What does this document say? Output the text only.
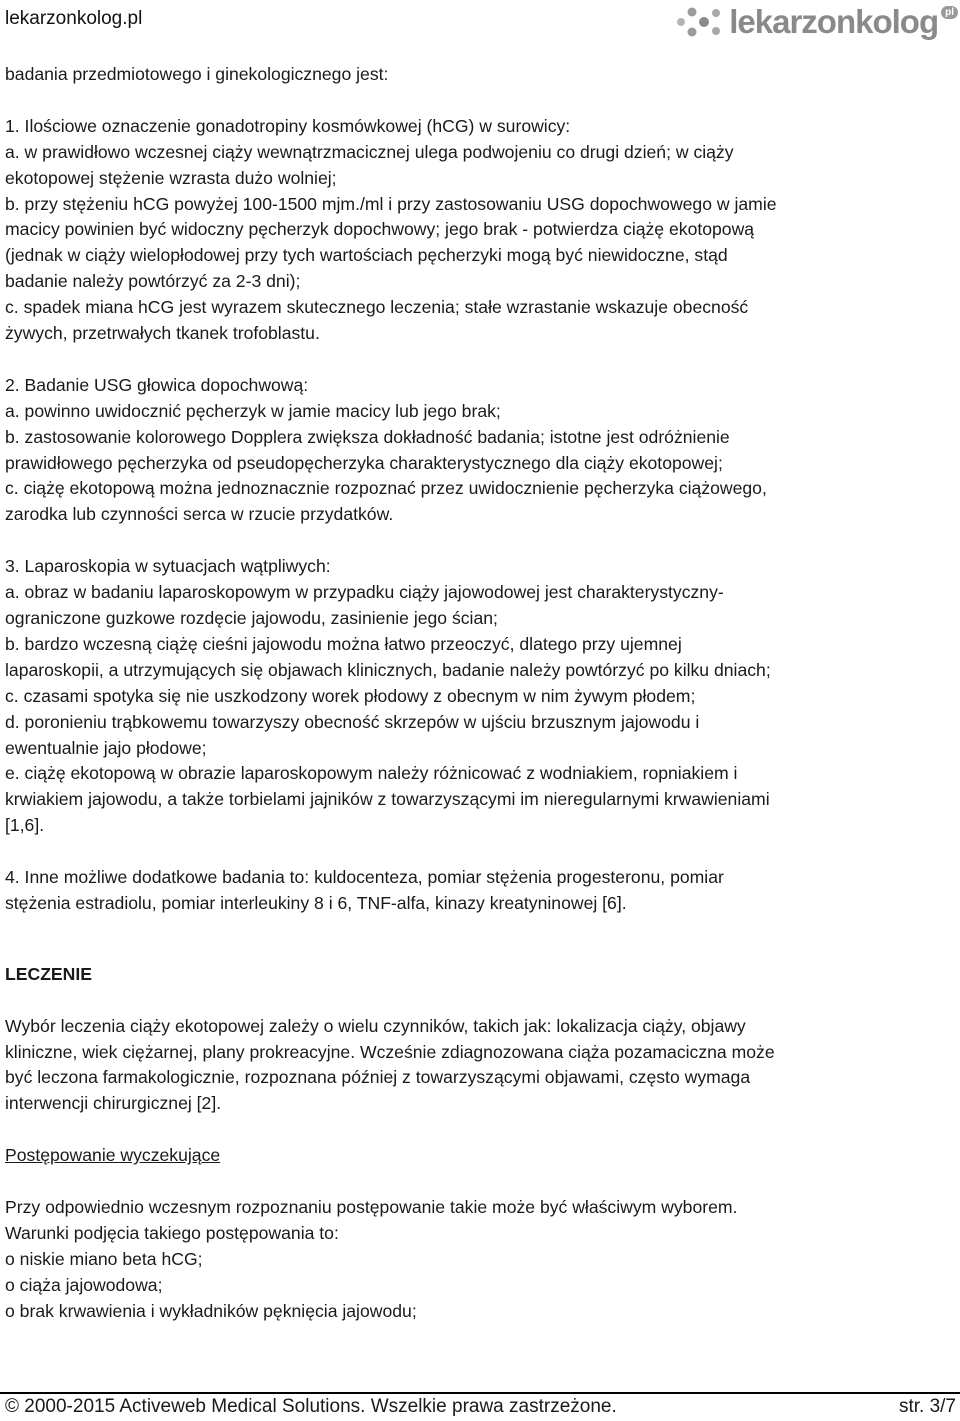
lekarzonkolog.pl	lekarzonkolog pl

badania przedmiotowego i ginekologicznego jest:

1. Ilościowe oznaczenie gonadotropiny kosmówkowej (hCG) w surowicy:

a. w prawidłowo wczesnej ciąży wewnątrzmacicznej ulega podwojeniu co drugi dzień; w ciąży

ekotopowej stężenie wzrasta dużo wolniej;

b. przy stężeniu hCG powyżej 100-1500 mjm./ml i przy zastosowaniu USG dopochwowego w jamie

macicy powinien być widoczny pęcherzyk dopochwowy; jego brak - potwierdza ciążę ekotopową

(jednak w ciąży wielopłodowej przy tych wartościach pęcherzyki mogą być niewidoczne, stąd

badanie należy powtórzyć za 2-3 dni);

c. spadek miana hCG jest wyrazem skutecznego leczenia; stałe wzrastanie wskazuje obecność

żywych, przetrwałych tkanek trofoblastu.

2. Badanie USG głowica dopochwową:

a. powinno uwidocznić pęcherzyk w jamie macicy lub jego brak;

b. zastosowanie kolorowego Dopplera zwiększa dokładność badania; istotne jest odróżnienie

prawidłowego pęcherzyka od pseudopęcherzyka charakterystycznego dla ciąży ekotopowej;

c. ciążę ekotopową można jednoznacznie rozpoznać przez uwidocznienie pęcherzyka ciążowego,

zarodka lub czynności serca w rzucie przydatków.

3. Laparoskopia w sytuacjach wątpliwych:

a. obraz w badaniu laparoskopowym w przypadku ciąży jajowodowej jest charakterystyczny-

ograniczone guzkowe rozdęcie jajowodu, zasinienie jego ścian;

b. bardzo wczesną ciążę cieśni jajowodu można łatwo przeoczyć, dlatego przy ujemnej

laparoskopii, a utrzymujących się objawach klinicznych, badanie należy powtórzyć po kilku dniach;

c. czasami spotyka się nie uszkodzony worek płodowy z obecnym w nim żywym płodem;

d. poronieniu trąbkowemu towarzyszy obecność skrzepów w ujściu brzusznym jajowodu i

ewentualnie jajo płodowe;

e. ciążę ekotopową w obrazie laparoskopowym należy różnicować z wodniakiem, ropniakiem i

krwiakiem jajowodu, a także torbielami jajników z towarzyszącymi im nieregularnymi krwawieniami

[1,6].

4. Inne możliwe dodatkowe badania to: kuldocenteza, pomiar stężenia progesteronu, pomiar

stężenia estradiolu, pomiar interleukiny 8 i 6, TNF-alfa, kinazy kreatyninowej [6].

LECZENIE

Wybór leczenia ciąży ekotopowej zależy o wielu czynników, takich jak: lokalizacja ciąży, objawy

kliniczne, wiek ciężarnej, plany prokreacyjne. Wcześnie zdiagnozowana ciąża pozamaciczna może

być leczona farmakologicznie, rozpoznana później z towarzyszącymi objawami, często wymaga

interwencji chirurgicznej [2].

Postępowanie wyczekujące

Przy odpowiednio wczesnym rozpoznaniu postępowanie takie może być właściwym wyborem.

Warunki podjęcia takiego postępowania to:

o niskie miano beta hCG;

o ciąża jajowodowa;

o brak krwawienia i wykładników pęknięcia jajowodu;

© 2000-2015 Activeweb Medical Solutions. Wszelkie prawa zastrzeżone.	str. 3/7
